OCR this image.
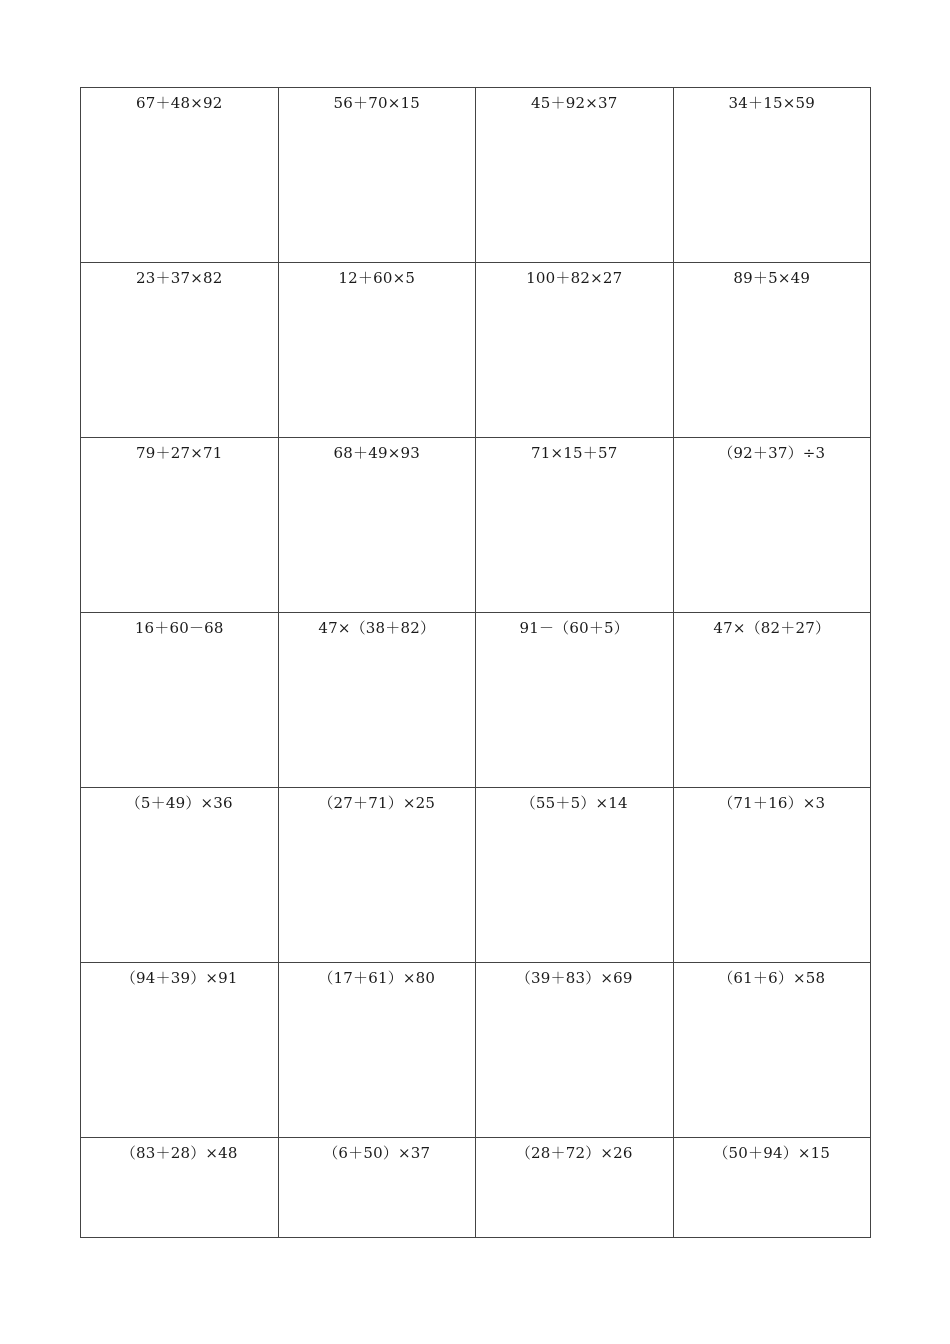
67＋48×92	56＋70×15	45＋92×37	34＋15×59
23＋37×82	12＋60×5	100＋82×27	89＋5×49
79＋27×71	68＋49×93	71×15＋57	（92＋37）÷3
16＋60－68	47×（38＋82）	91－（60＋5）	47×（82＋27）
（5＋49）×36	（27＋71）×25	（55＋5）×14	（71＋16）×3
（94＋39）×91	（17＋61）×80	（39＋83）×69	（61＋6）×58
（83＋28）×48	（6＋50）×37	（28＋72）×26	（50＋94）×15
